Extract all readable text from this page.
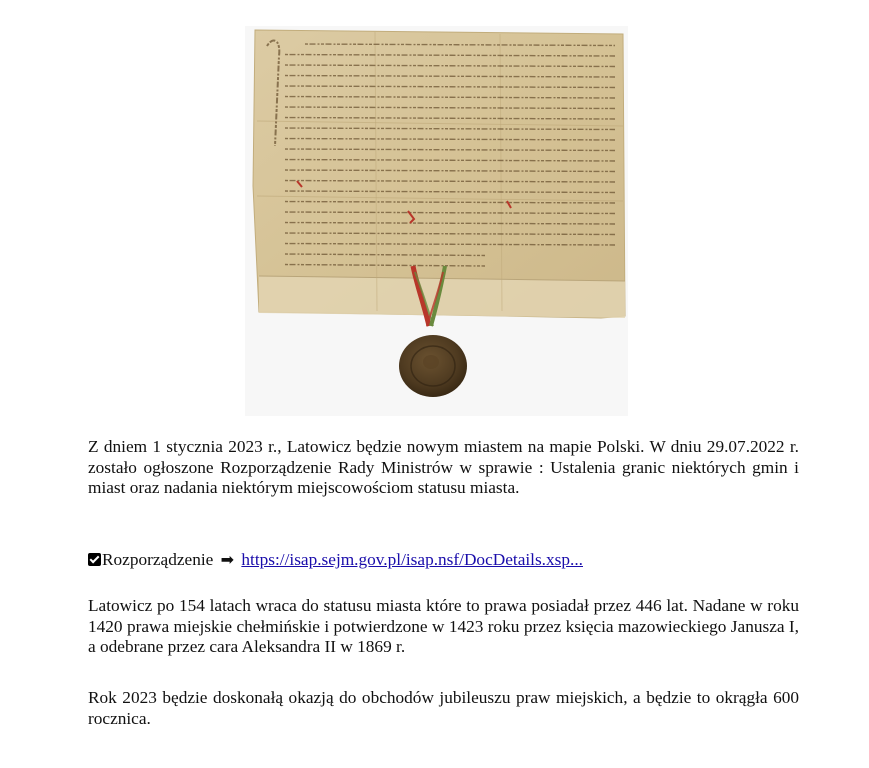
Z dniem 1 stycznia 2023 r., Latowicz będzie nowym miastem na mapie Polski. W dniu 29.07.2022 r. zostało ogłoszone Rozporządzenie Rady Ministrów w sprawie : Ustalenia granic niektórych gmin i miast oraz nadania niektórym miejscowościom statusu miasta.
Rozporządzenie ➡ https://isap.sejm.gov.pl/isap.nsf/DocDetails.xsp...
Latowicz po 154 latach wraca do statusu miasta które to prawa posiadał przez 446 lat. Nadane w roku 1420 prawa miejskie chełmińskie i potwierdzone w 1423 roku przez księcia mazowieckiego Janusza I, a odebrane przez cara Aleksandra II w 1869 r.
Rok 2023 będzie doskonałą okazją do obchodów jubileuszu praw miejskich, a będzie to okrągła 600 rocznica.
